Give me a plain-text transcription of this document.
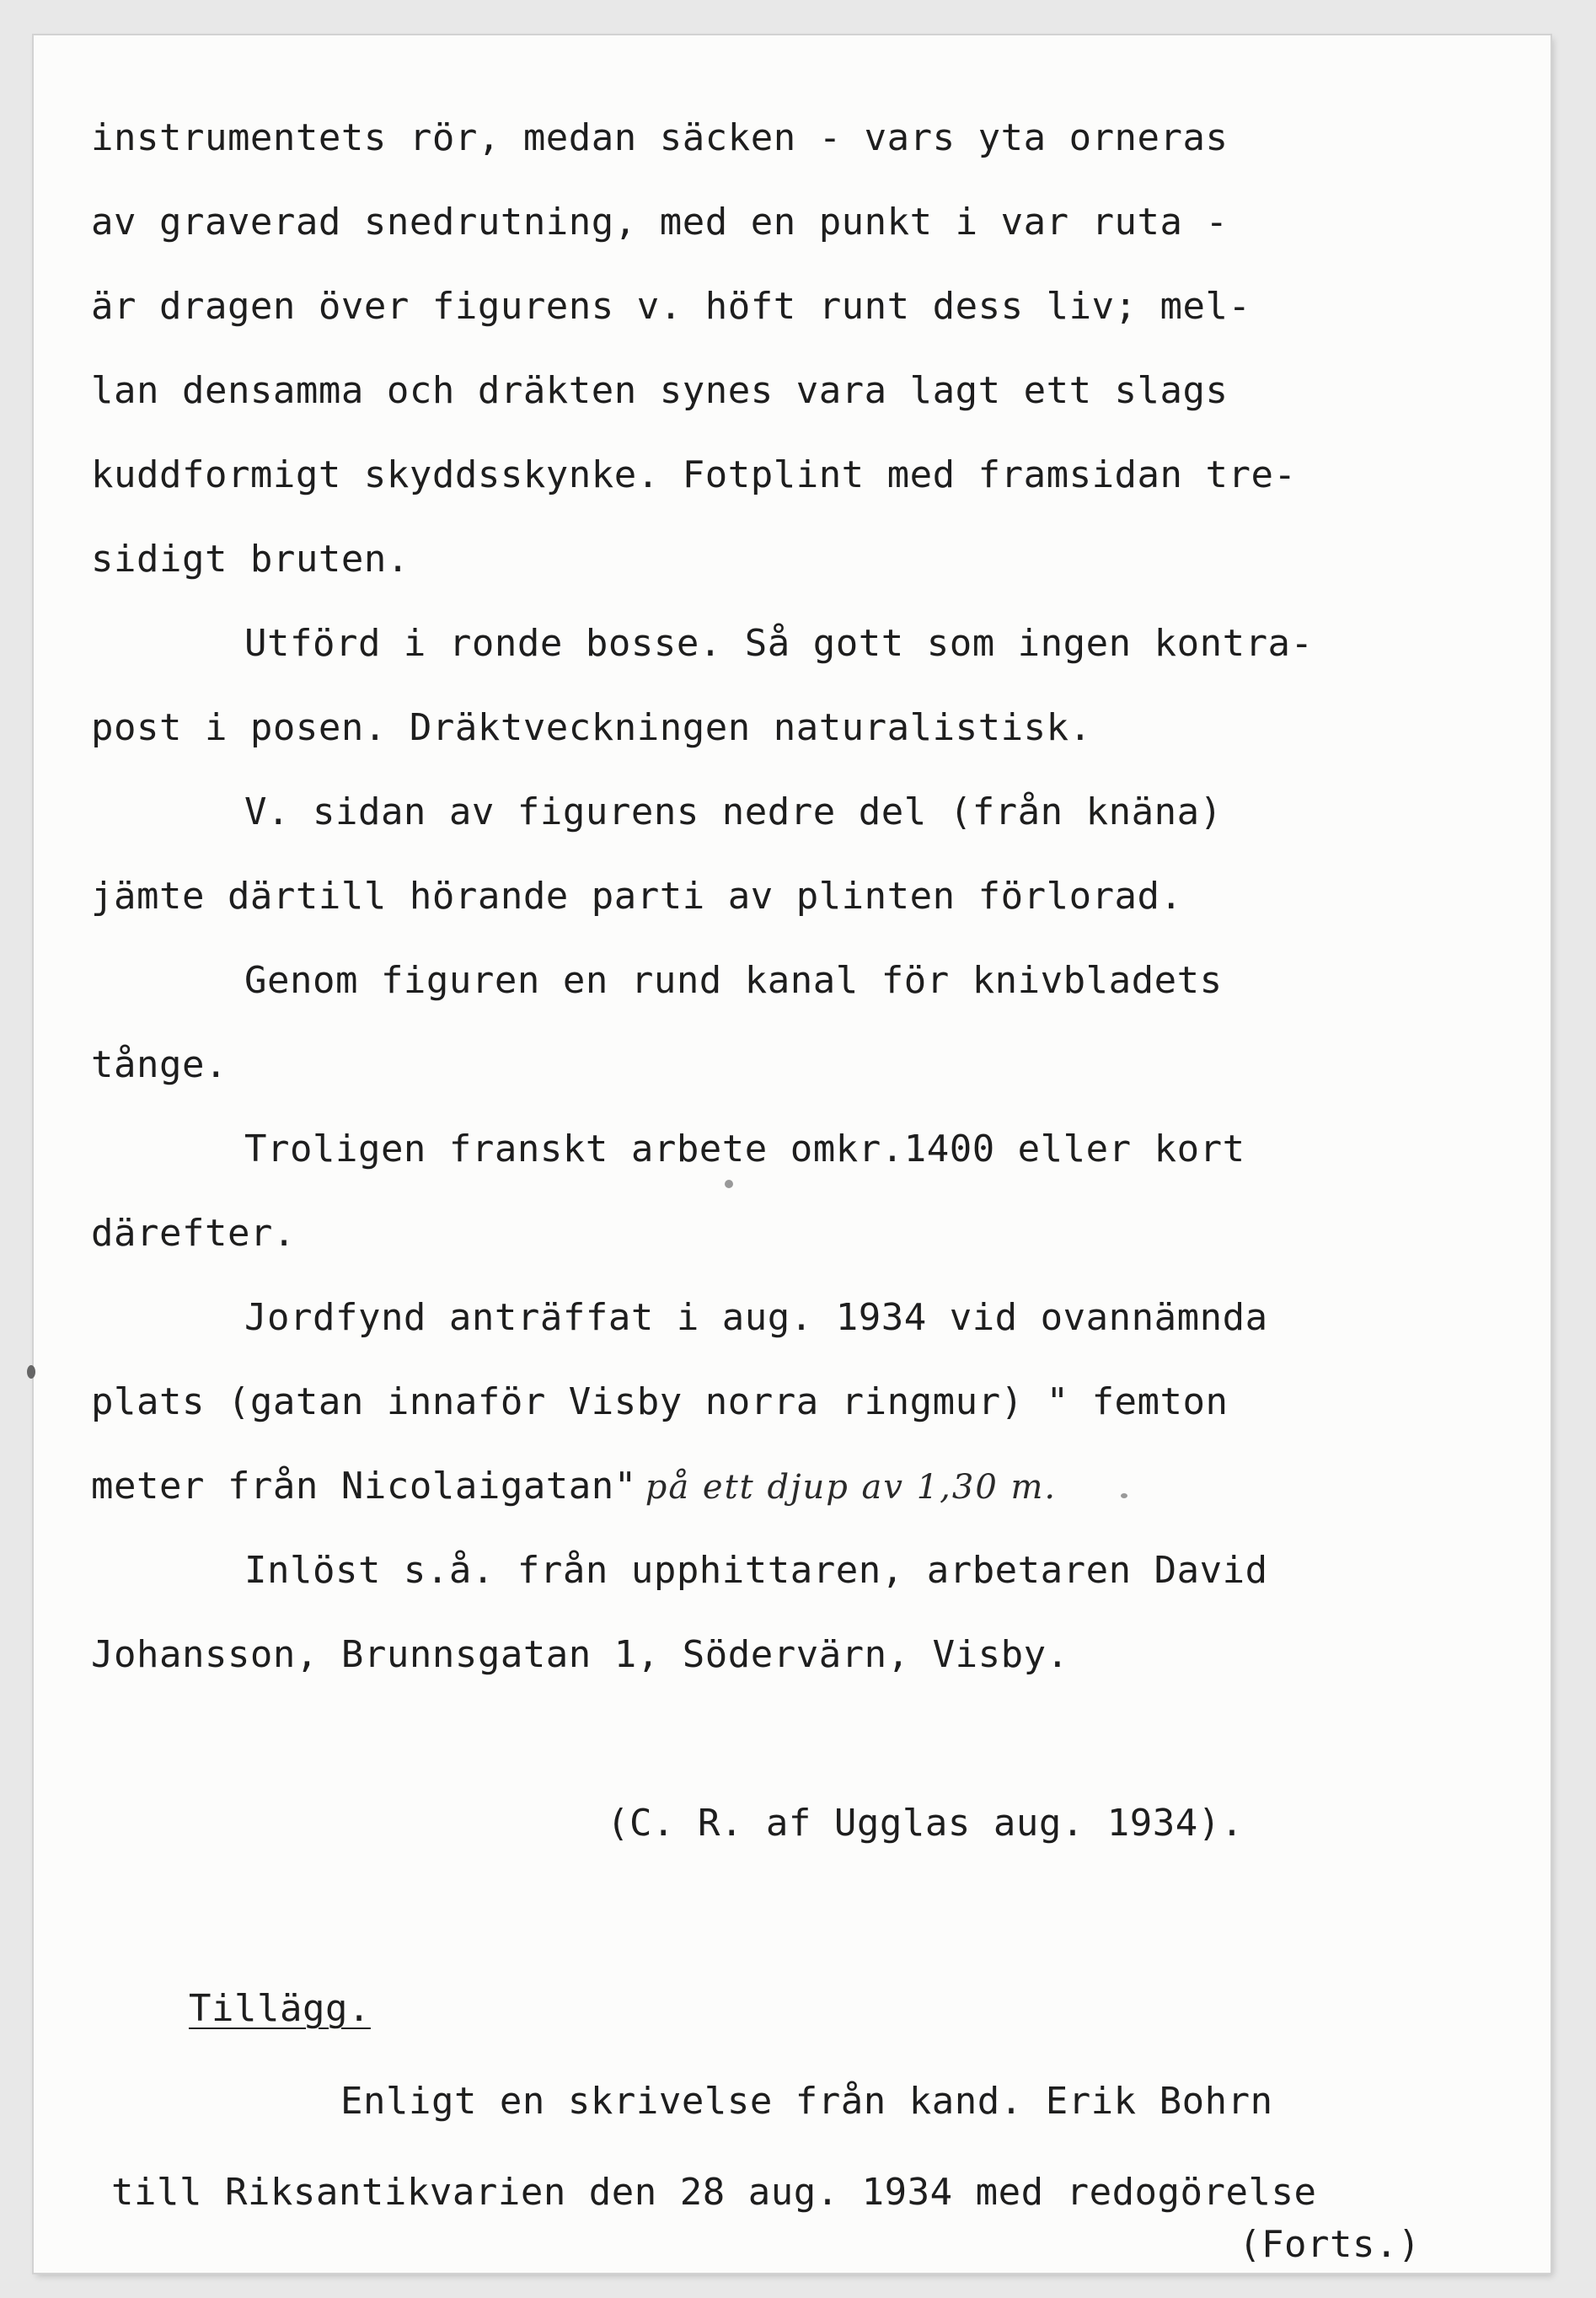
instrumentets rör, medan säcken - vars yta orneras
av graverad snedrutning, med en punkt i var ruta -
är dragen över figurens v. höft runt dess liv; mel-
lan densamma och dräkten synes vara lagt ett slags
kuddformigt skyddsskynke. Fotplint med framsidan tre-
sidigt bruten.
Utförd i ronde bosse. Så gott som ingen kontra-
post i posen. Dräktveckningen naturalistisk.
V. sidan av figurens nedre del (från knäna)
jämte därtill hörande parti av plinten förlorad.
Genom figuren en rund kanal för knivbladets
tånge.
Troligen franskt arbete omkr.1400 eller kort
därefter.
Jordfynd anträffat i aug. 1934 vid ovannämnda
plats (gatan innaför Visby norra ringmur) " femton
meter från Nicolaigatan" på ett djup av 1,30 m.
Inlöst s.å. från upphittaren, arbetaren David
Johansson, Brunnsgatan 1, Södervärn, Visby.
(C. R. af Ugglas aug. 1934).
Tillägg.
Enligt en skrivelse från kand. Erik Bohrn
till Riksantikvarien den 28 aug. 1934 med redogörelse
(Forts.)
